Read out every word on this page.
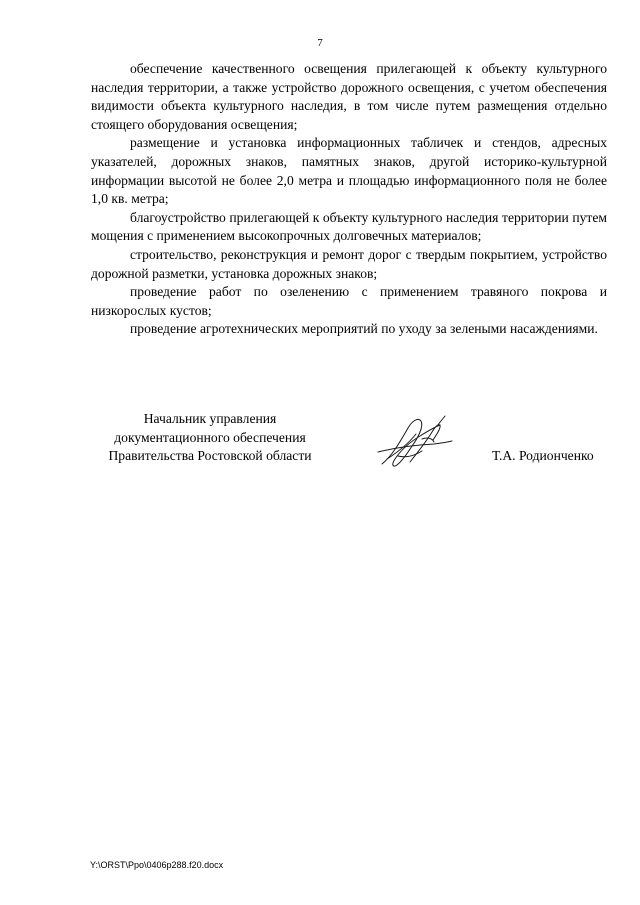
7

обеспечение качественного освещения прилегающей к объекту культурного наследия территории, а также устройство дорожного освещения, с учетом обеспечения видимости объекта культурного наследия, в том числе путем размещения отдельно стоящего оборудования освещения;

размещение и установка информационных табличек и стендов, адресных указателей, дорожных знаков, памятных знаков, другой историко-культурной информации высотой не более 2,0 метра и площадью информационного поля не более 1,0 кв. метра;

благоустройство прилегающей к объекту культурного наследия территории путем мощения с применением высокопрочных долговечных материалов;

строительство, реконструкция и ремонт дорог с твердым покрытием, устройство дорожной разметки, установка дорожных знаков;

проведение работ по озеленению с применением травяного покрова и низкорослых кустов;

проведение агротехнических мероприятий по уходу за зелеными насаждениями.

Начальник управления
документационного обеспечения
Правительства Ростовской области	Т.А. Родионченко
Y:\ORST\Ppo\0406p288.f20.docx
